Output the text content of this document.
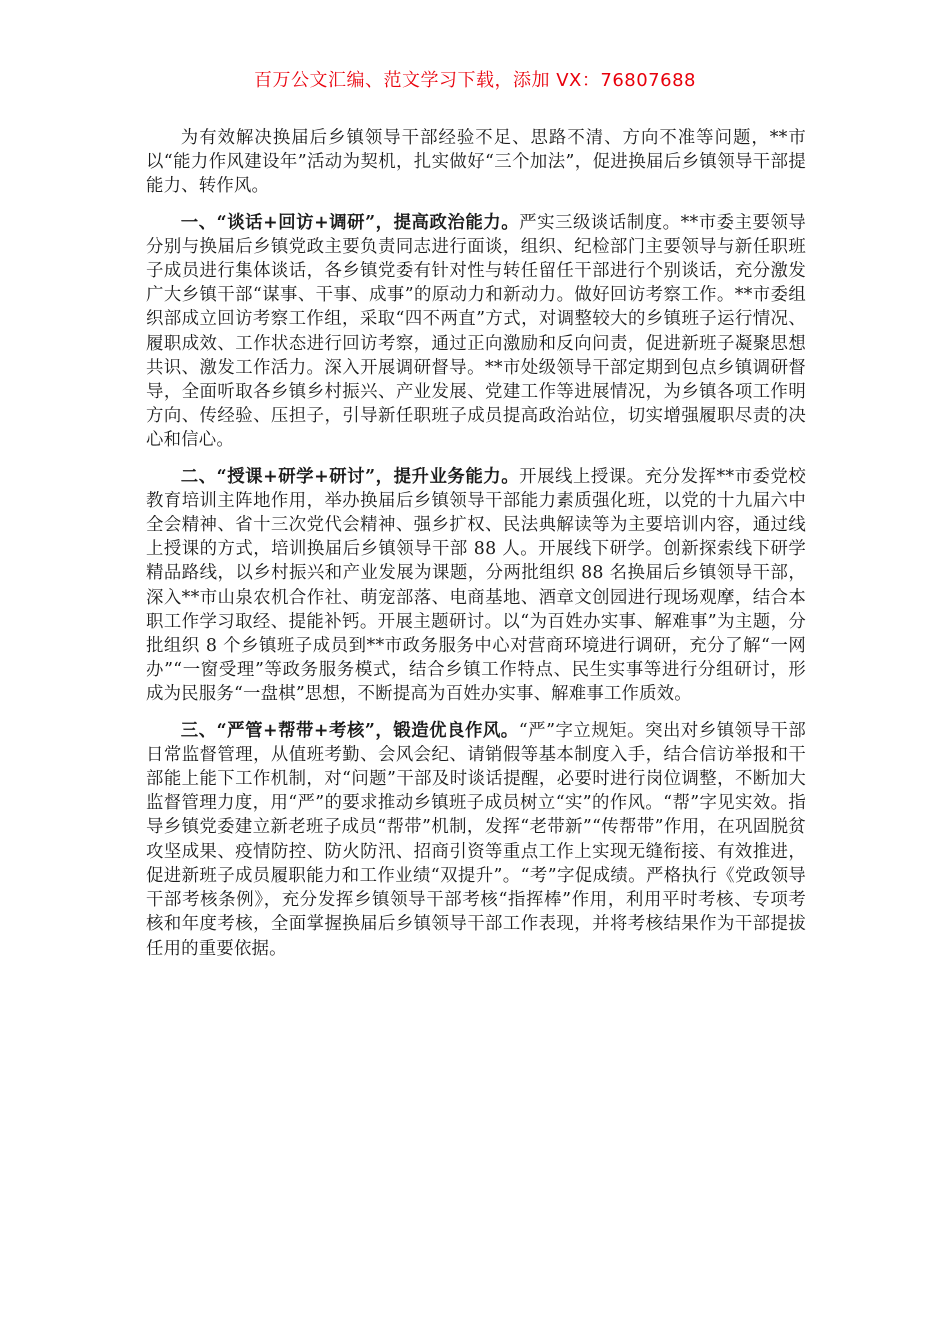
百万公文汇编、范文学习下载，添加 VX：76807688

为有效解决换届后乡镇领导干部经验不足、思路不清、方向不准等问题，**市以“能力作风建设年”活动为契机，扎实做好“三个加法”，促进换届后乡镇领导干部提能力、转作风。

一、“谈话+回访+调研”，提高政治能力。严实三级谈话制度。**市委主要领导分别与换届后乡镇党政主要负责同志进行面谈，组织、纪检部门主要领导与新任职班子成员进行集体谈话，各乡镇党委有针对性与转任留任干部进行个别谈话，充分激发广大乡镇干部“谋事、干事、成事”的原动力和新动力。做好回访考察工作。**市委组织部成立回访考察工作组，采取“四不两直”方式，对调整较大的乡镇班子运行情况、履职成效、工作状态进行回访考察，通过正向激励和反向问责，促进新班子凝聚思想共识、激发工作活力。深入开展调研督导。**市处级领导干部定期到包点乡镇调研督导，全面听取各乡镇乡村振兴、产业发展、党建工作等进展情况，为乡镇各项工作明方向、传经验、压担子，引导新任职班子成员提高政治站位，切实增强履职尽责的决心和信心。

二、“授课+研学+研讨”，提升业务能力。开展线上授课。充分发挥**市委党校教育培训主阵地作用，举办换届后乡镇领导干部能力素质强化班，以党的十九届六中全会精神、省十三次党代会精神、强乡扩权、民法典解读等为主要培训内容，通过线上授课的方式，培训换届后乡镇领导干部 88 人。开展线下研学。创新探索线下研学精品路线，以乡村振兴和产业发展为课题，分两批组织 88 名换届后乡镇领导干部，深入**市山泉农机合作社、萌宠部落、电商基地、酒章文创园进行现场观摩，结合本职工作学习取经、提能补钙。开展主题研讨。以“为百姓办实事、解难事”为主题，分批组织 8 个乡镇班子成员到**市政务服务中心对营商环境进行调研，充分了解“一网办”“一窗受理”等政务服务模式，结合乡镇工作特点、民生实事等进行分组研讨，形成为民服务“一盘棋”思想，不断提高为百姓办实事、解难事工作质效。

三、“严管+帮带+考核”，锻造优良作风。“严”字立规矩。突出对乡镇领导干部日常监督管理，从值班考勤、会风会纪、请销假等基本制度入手，结合信访举报和干部能上能下工作机制，对“问题”干部及时谈话提醒，必要时进行岗位调整，不断加大监督管理力度，用“严”的要求推动乡镇班子成员树立“实”的作风。“帮”字见实效。指导乡镇党委建立新老班子成员“帮带”机制，发挥“老带新”“传帮带”作用，在巩固脱贫攻坚成果、疫情防控、防火防汛、招商引资等重点工作上实现无缝衔接、有效推进，促进新班子成员履职能力和工作业绩“双提升”。“考”字促成绩。严格执行《党政领导干部考核条例》，充分发挥乡镇领导干部考核“指挥棒”作用，利用平时考核、专项考核和年度考核，全面掌握换届后乡镇领导干部工作表现，并将考核结果作为干部提拔任用的重要依据。
